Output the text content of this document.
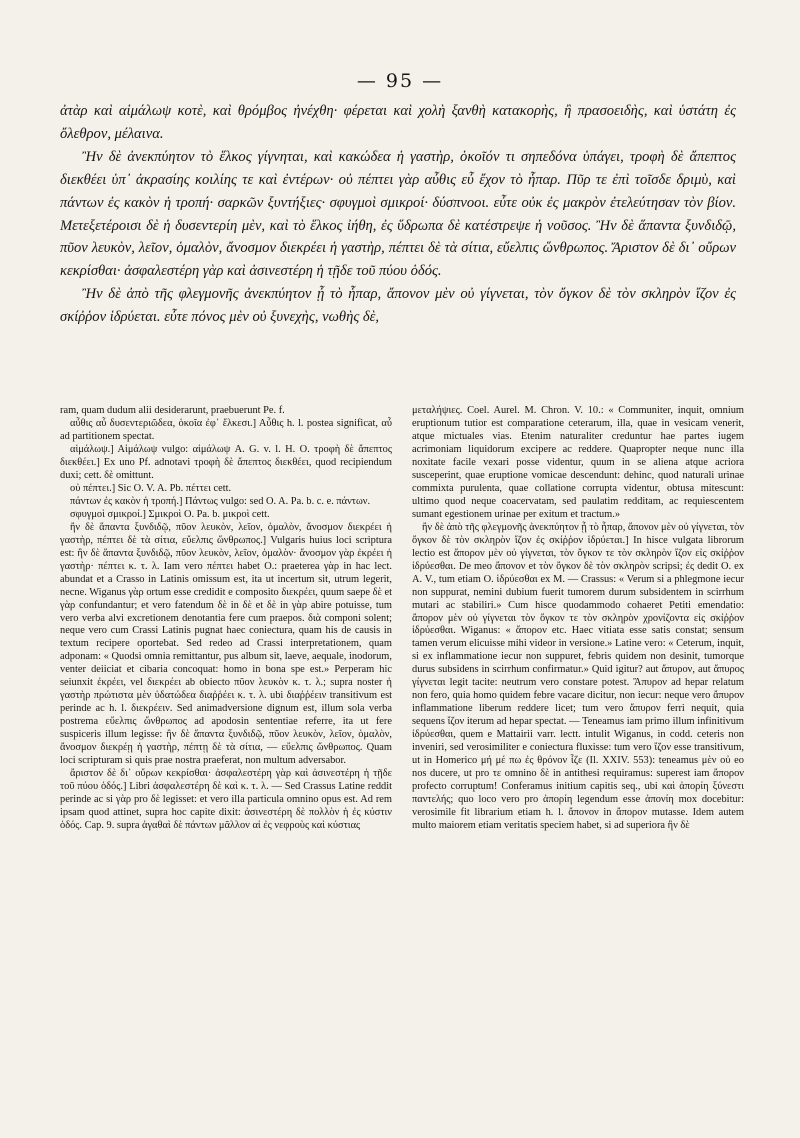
— 95 —

ἀτὰρ καὶ αἱμάλωψ κοτὲ, καὶ θρόμβος ἠνέχθη· φέρεται καὶ χολὴ ξανθὴ κατακορὴς, ἢ πρασοειδὴς, καὶ ὑστάτη ἐς ὄλεθρον, μέλαινα.

Ἢν δὲ ἀνεκπύητον τὸ ἕλκος γίγνηται, καὶ κακώδεα ἡ γαστὴρ, ὁκοῖόν τι σηπεδόνα ὑπάγει, τροφὴ δὲ ἄπεπτος διεκθέει ὑπ᾽ ἀκρασίης κοιλίης τε καὶ ἐντέρων· οὐ πέπτει γὰρ αὖθις εὖ ἔχον τὸ ἧπαρ. Πῦρ τε ἐπὶ τοῖσδε δριμὺ, καὶ πάντων ἐς κακὸν ἡ τροπή· σαρκῶν ξυντήξιες· σφυγμοὶ σμικροί· δύσπνοοι. εὖτε οὐκ ἐς μακρὸν ἐτελεύτησαν τὸν βίον. Μετεξετέροισι δὲ ἡ δυσεντερίη μὲν, καὶ τὸ ἕλκος ἰήθη, ἐς ὕδρωπα δὲ κατέστρεψε ἡ νοῦσος. Ἢν δὲ ἅπαντα ξυνδιδῷ, πῦον λευκὸν, λεῖον, ὁμαλὸν, ἄνοσμον διεκρέει ἡ γαστὴρ, πέπτει δὲ τὰ σίτια, εὔελπις ὥνθρωπος. Ἄριστον δὲ δι᾽ οὔρων κεκρίσθαι· ἀσφαλεστέρη γὰρ καὶ ἀσινεστέρη ἡ τῇδε τοῦ πύου ὁδός.

Ἢν δὲ ἀπὸ τῆς φλεγμονῆς ἀνεκπύητον ᾖ τὸ ἧπαρ, ἄπονον μὲν οὐ γίγνεται, τὸν ὄγκον δὲ τὸν σκληρὸν ἴζον ἐς σκίῤῥον ἱδρύεται. εὖτε πόνος μὲν οὐ ξυνεχὴς, νωθὴς δὲ,

ram, quam dudum alii desiderarunt, praebuerunt Pe. f.

αὖθις αὖ δυσεντεριῶδεα, ὁκοῖα ἐφ᾽ ἕλκεσι.] Αὖθις h. l. postea significat, αὖ ad partitionem spectat.

αἱμάλωψ.] Αἱμάλωψ vulgo: αἱμάλωψ A. G. v. l. H. O. τροφὴ δὲ ἄπεπτος διεκθέει.] Ex uno Pf. adnotavi τροφὴ δὲ ἄπεπτος διεκθέει, quod recipiendum duxi; cett. δὲ omittunt.

οὐ πέπτει.] Sic O. V. A. Pb. πέττει cett.

πάντων ἐς κακὸν ἡ τροπή.] Πάντως vulgo: sed O. A. Pa. b. c. e. πάντων.

σφυγμοὶ σμικροί.] Σμικροὶ O. Pa. b. μικροὶ cett.

ἢν δὲ ἅπαντα ξυνδιδῷ, πῦον λευκὸν, λεῖον, ὁμαλὸν, ἄνοσμον διεκρέει ἡ γαστὴρ, πέπτει δὲ τὰ σίτια, εὔελπις ὥνθρωπος.] Vulgaris huius loci scriptura est: ἢν δὲ ἅπαντα ξυνδιδῷ, πῦον λευκὸν, λεῖον, ὁμαλὸν· ἄνοσμον γὰρ ἐκρέει ἡ γαστὴρ· πέπτει κ. τ. λ. Iam vero πέπτει habet O.: praeterea γὰρ in hac lect. abundat et a Crasso in Latinis omissum est, ita ut incertum sit, utrum legerit, necne. Wiganus γὰρ ortum esse credidit e composito διεκρέει, quum saepe δὲ et γὰρ confundantur; et vero fatendum δὲ in δὲ et δὲ in γὰρ abire potuisse, tum vero verba alvi excretionem denotantia fere cum praepos. διὰ componi solent; neque vero cum Crassi Latinis pugnat haec coniectura, quam his de causis in textum recipere oportebat. Sed redeo ad Crassi interpretationem, quam adponam: « Quodsi omnia remittantur, pus album sit, laeve, aequale, inodorum, venter deiiciat et cibaria concoquat: homo in bona spe est.» Perperam hic seiunxit ἐκρέει, vel διεκρέει ab obiecto πῦον λευκὸν κ. τ. λ.; supra noster ἡ γαστὴρ πρώτιστα μὲν ὑδατώδεα διαῤῥέει κ. τ. λ. ubi διαῤῥέειν transitivum est perinde ac h. l. διεκρέειν. Sed animadversione dignum est, illum sola verba postrema εὔελπις ὥνθρωπος ad apodosin sententiae referre, ita ut fere suspiceris illum legisse: ἢν δὲ ἅπαντα ξυνδιδῷ, πῦον λευκὸν, λεῖον, ὁμαλὸν, ἄνοσμον διεκρέῃ ἡ γαστὴρ, πέπτῃ δὲ τὰ σίτια, — εὔελπις ὥνθρωπος. Quam loci scripturam si quis prae nostra praeferat, non multum adversabor.

ἄριστον δὲ δι᾽ οὔρων κεκρίσθαι· ἀσφαλεστέρη γὰρ καὶ ἀσινεστέρη ἡ τῇδε τοῦ πύου ὁδός.] Libri ἀσφαλεστέρη δὲ καὶ κ. τ. λ. — Sed Crassus Latine reddit perinde ac si γὰρ pro δὲ legisset: et vero illa particula omnino opus est. Ad rem ipsam quod attinet, supra hoc capite dixit: ἀσινεστέρη δὲ πολλὸν ἡ ἐς κύστιν ὁδός. Cap. 9. supra ἀγαθαὶ δὲ πάντων μᾶλλον αἱ ἐς νεφροὺς καὶ κύστιας

μεταλήψιες. Coel. Aurel. M. Chron. V. 10.: « Communiter, inquit, omnium eruptionum tutior est comparatione ceterarum, illa, quae in vesicam venerit, atque mictuales vias. Etenim naturaliter creduntur hae partes iugem acrimoniam liquidorum excipere ac reddere. Quapropter neque nunc illa noxitate facile vexari posse videntur, quum in se aliena atque acriora susceperint, quae eruptione vomicae descendunt: dehinc, quod naturali urinae commixta purulenta, quae collatione corrupta videntur, obtusa mitescunt: ultimo quod neque coacervatam, sed paulatim redditam, ac requiescentem sumant egestionem urinae per exitum et tractum.»

ἢν δὲ ἀπὸ τῆς φλεγμονῆς ἀνεκπύητον ᾖ τὸ ἧπαρ, ἄπονον μὲν οὐ γίγνεται, τὸν ὄγκον δὲ τὸν σκληρὸν ἴζον ἐς σκίῤῥον ἱδρύεται.] In hisce vulgata librorum lectio est ἄπορον μὲν οὐ γίγνεται, τὸν ὄγκον τε τὸν σκληρὸν ἴζον εἰς σκίῤῥον ἱδρύεσθαι. De meo ἄπονον et τὸν ὄγκον δὲ τὸν σκληρὸν scripsi; ἐς dedit O. ex A. V., tum etiam O. ἱδρύεσθαι ex M. — Crassus: « Verum si a phlegmone iecur non suppurat, nemini dubium fuerit tumorem durum subsidentem in scirrhum mutari ac stabiliri.» Cum hisce quodammodo cohaeret Petiti emendatio: ἄπορον μὲν οὐ γίγνεται τὸν ὄγκον τε τὸν σκληρὸν χρονίζοντα εἰς σκίῤῥον ἱδρύεσθαι. Wiganus: « ἄπορον etc. Haec vitiata esse satis constat; sensum tamen verum elicuisse mihi videor in versione.» Latine vero: « Ceterum, inquit, si ex inflammatione iecur non suppuret, febris quidem non desinit, tumorque durus subsidens in scirrhum confirmatur.» Quid igitur? aut ἄπυρον, aut ἄπυρος γίγνεται legit tacite: neutrum vero constare potest. Ἄπυρον ad hepar relatum non fero, quia homo quidem febre vacare dicitur, non iecur: neque vero ἄπυρον inflammatione liberum reddere licet; tum vero ἄπυρον ferri nequit, quia sequens ἴζον iterum ad hepar spectat. — Teneamus iam primo illum infinitivum ἱδρύεσθαι, quem e Mattairii varr. lectt. intulit Wiganus, in codd. ceteris non inveniri, sed verosimiliter e coniectura fluxisse: tum vero ἴζον esse transitivum, ut in Homerico μή μέ πω ἐς θρόνον ἷζε (Il. XXIV. 553): teneamus μὲν οὐ eo nos ducere, ut pro τε omnino δὲ in antithesi requiramus: superest iam ἄπορον profecto corruptum! Conferamus initium capitis seq., ubi καὶ ἀπορίη ξύνεστι παντελής; quo loco vero pro ἀπορίη legendum esse ἀπονίη mox docebitur: verosimile fit librarium etiam h. l. ἄπονον in ἄπορον mutasse. Idem autem multo maiorem etiam veritatis speciem habet, si ad superiora ἢν δὲ
